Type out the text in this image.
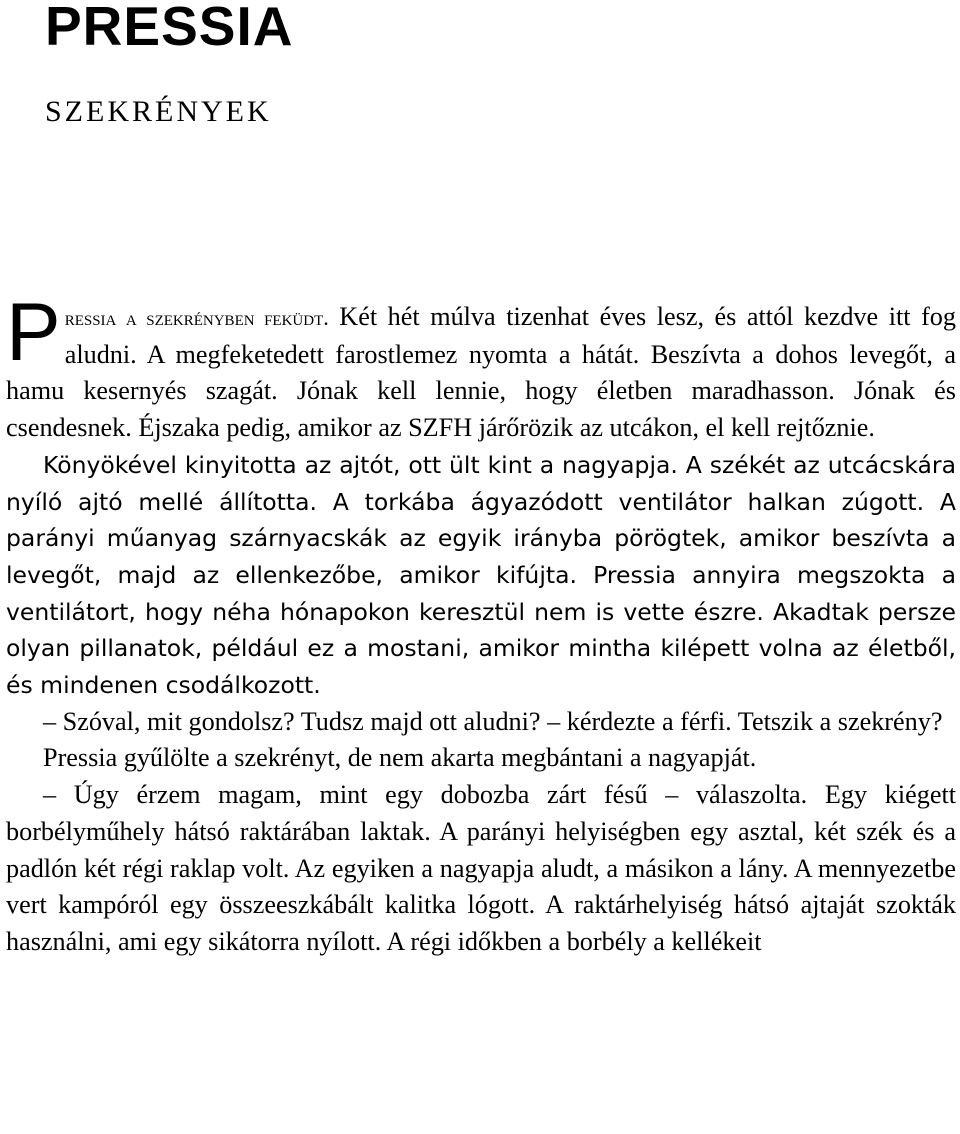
PRESSIA
SZEKRÉNYEK

Pressia a szekrényben feküdt. Két hét múlva tizenhat éves lesz, és attól kezdve itt fog aludni. A megfeketedett farostlemez nyomta a hátát. Beszívta a dohos levegőt, a hamu kesernyés szagát. Jónak kell lennie, hogy életben maradhasson. Jónak és csendesnek. Éjszaka pedig, amikor az SZFH járőrözik az utcákon, el kell rejtőznie.

Könyökével kinyitotta az ajtót, ott ült kint a nagyapja. A székét az utcácskára nyíló ajtó mellé állította. A torkába ágyazódott ventilátor halkan zúgott. A parányi műanyag szárnyacskák az egyik irányba pörögtek, amikor beszívta a levegőt, majd az ellenkezőbe, amikor kifújta. Pressia annyira megszokta a ventilátort, hogy néha hónapokon keresztül nem is vette észre. Akadtak persze olyan pillanatok, például ez a mostani, amikor mintha kilépett volna az életből, és mindenen csodálkozott.

– Szóval, mit gondolsz? Tudsz majd ott aludni? – kérdezte a férfi. Tetszik a szekrény?

Pressia gyűlölte a szekrényt, de nem akarta megbántani a nagyapját.

– Úgy érzem magam, mint egy dobozba zárt fésű – válaszolta. Egy kiégett borbélyműhely hátsó raktárában laktak. A parányi helyiségben egy asztal, két szék és a padlón két régi raklap volt. Az egyiken a nagyapja aludt, a másikon a lány. A mennyezetbe vert kampóról egy összeeszkábált kalitka lógott. A raktárhelyiség hátsó ajtaját szokták használni, ami egy sikátorra nyílott. A régi időkben a borbély a kellékeit
